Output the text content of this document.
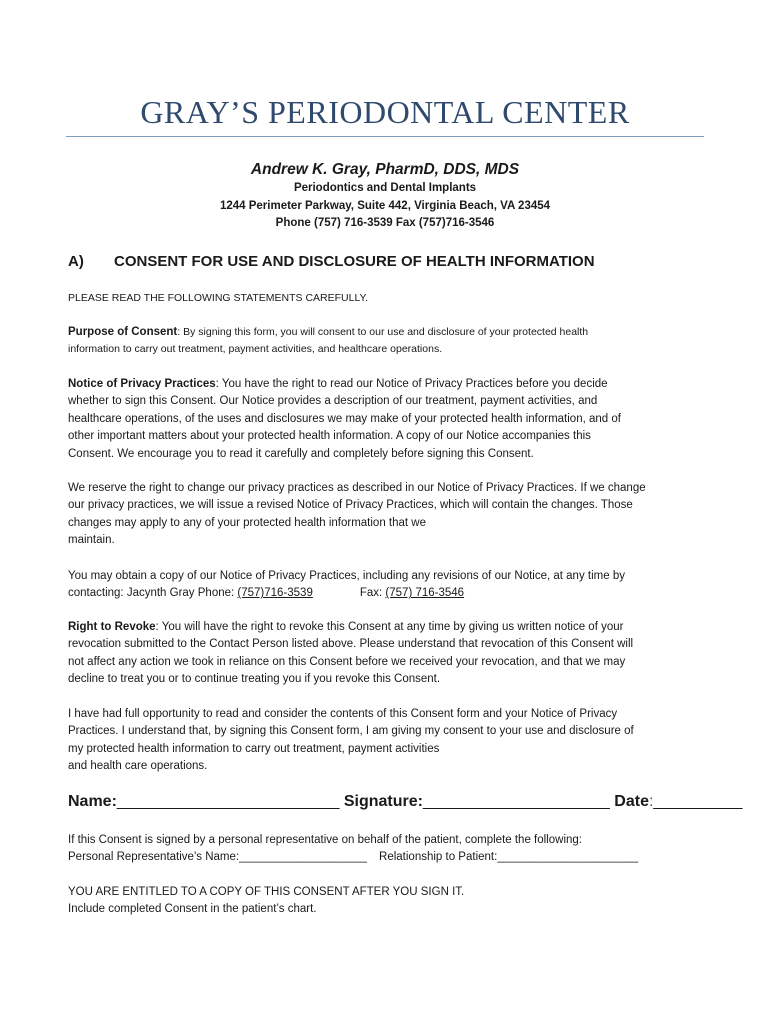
GRAY’S PERIODONTAL CENTER
Andrew K. Gray, PharmD, DDS, MDS
Periodontics and Dental Implants
1244 Perimeter Parkway, Suite 442, Virginia Beach, VA 23454
Phone (757) 716-3539 Fax (757)716-3546
A) CONSENT FOR USE AND DISCLOSURE OF HEALTH INFORMATION
PLEASE READ THE FOLLOWING STATEMENTS CAREFULLY.
Purpose of Consent: By signing this form, you will consent to our use and disclosure of your protected health
information to carry out treatment, payment activities, and healthcare operations.
Notice of Privacy Practices: You have the right to read our Notice of Privacy Practices before you decide
whether to sign this Consent. Our Notice provides a description of our treatment, payment activities, and
healthcare operations, of the uses and disclosures we may make of your protected health information, and of
other important matters about your protected health information. A copy of our Notice accompanies this
Consent. We encourage you to read it carefully and completely before signing this Consent.
We reserve the right to change our privacy practices as described in our Notice of Privacy Practices. If we change
our privacy practices, we will issue a revised Notice of Privacy Practices, which will contain the changes. Those
changes may apply to any of your protected health information that we
maintain.
You may obtain a copy of our Notice of Privacy Practices, including any revisions of our Notice, at any time by
contacting: Jacynth Gray Phone: (757)716-3539	Fax: (757) 716-3546
Right to Revoke: You will have the right to revoke this Consent at any time by giving us written notice of your
revocation submitted to the Contact Person listed above. Please understand that revocation of this Consent will
not affect any action we took in reliance on this Consent before we received your revocation, and that we may
decline to treat you or to continue treating you if you revoke this Consent.
I have had full opportunity to read and consider the contents of this Consent form and your Notice of Privacy
Practices. I understand that, by signing this Consent form, I am giving my consent to your use and disclosure of
my protected health information to carry out treatment, payment activities
and health care operations.
Name:_________________________ Signature:_____________________ Date:__________
If this Consent is signed by a personal representative on behalf of the patient, complete the following:
Personal Representative’s Name:____________________ Relationship to Patient:______________________
YOU ARE ENTITLED TO A COPY OF THIS CONSENT AFTER YOU SIGN IT.
Include completed Consent in the patient’s chart.
